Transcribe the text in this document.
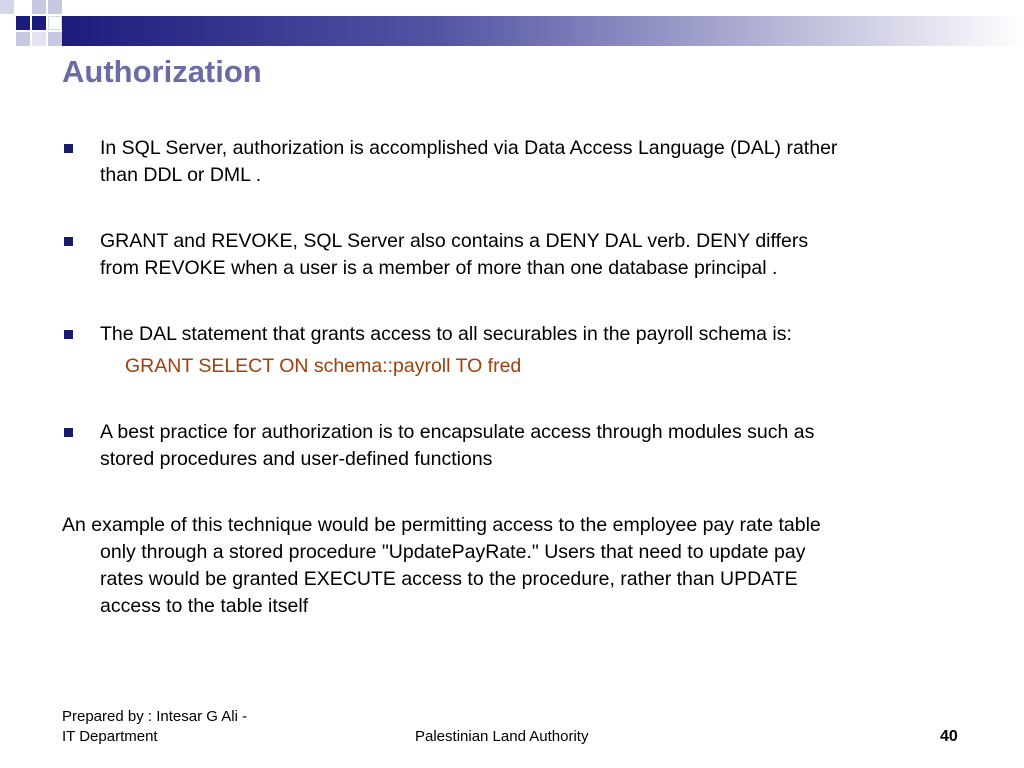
Authorization
In SQL Server, authorization is accomplished via Data Access Language (DAL) rather
than DDL or DML .
GRANT and REVOKE, SQL Server also contains a DENY DAL verb. DENY differs
from REVOKE when a user is a member of more than one database principal .
The DAL statement that grants access to all securables in the payroll schema is:
GRANT SELECT ON schema::payroll TO fred
A best practice for authorization is to encapsulate access through modules such as
stored procedures and user-defined functions
An example of this technique would be permitting access to the employee pay rate table
only through a stored procedure "UpdatePayRate." Users that need to update pay
rates would be granted EXECUTE access to the procedure, rather than UPDATE
access to the table itself
Prepared by : Intesar G Ali -
IT Department	Palestinian Land Authority	40
